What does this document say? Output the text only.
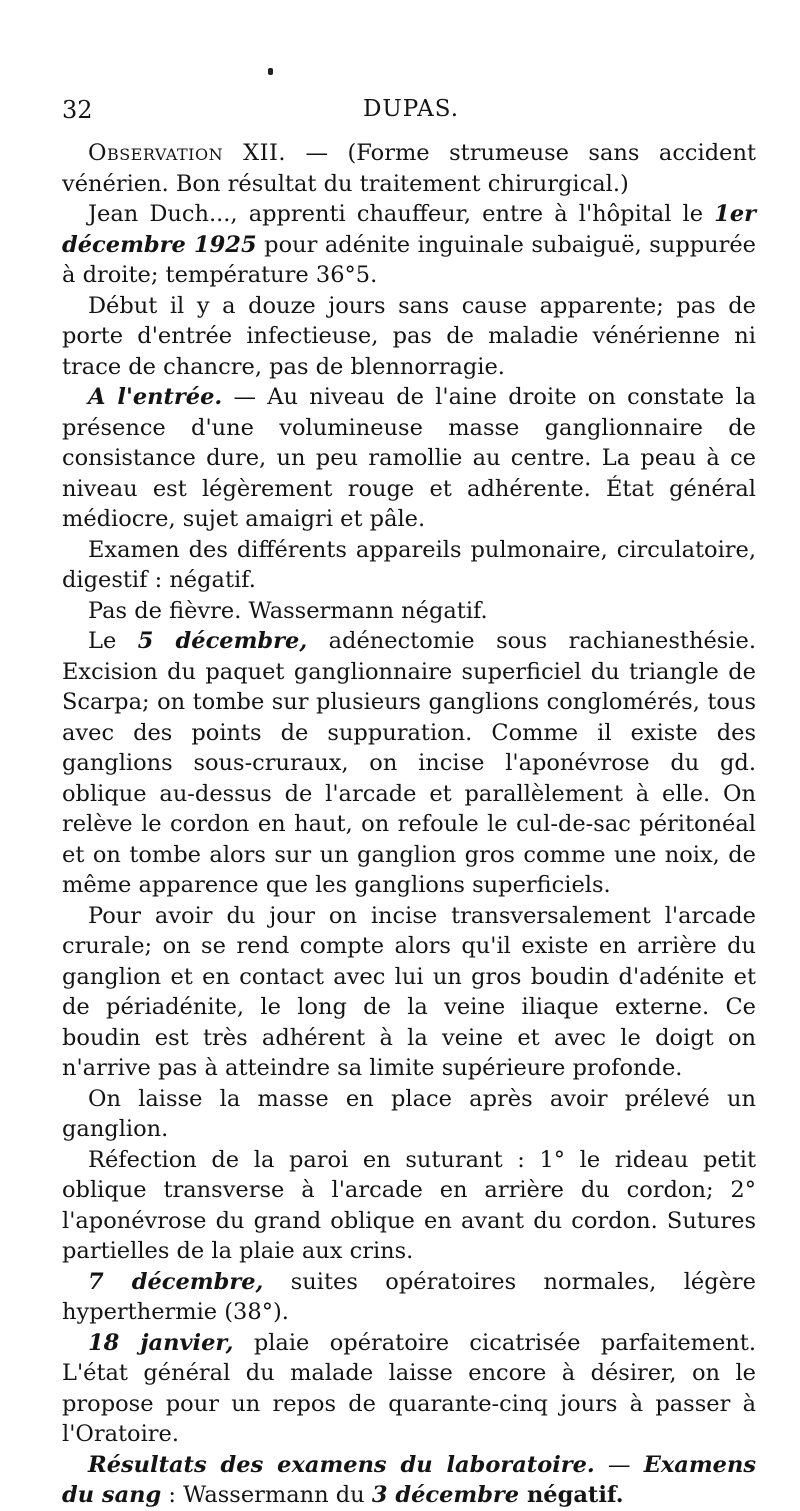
32	DUPAS.

Observation XII. — (Forme strumeuse sans accident vénérien. Bon résultat du traitement chirurgical.)

Jean Duch..., apprenti chauffeur, entre à l'hôpital le 1er décembre 1925 pour adénite inguinale subaiguë, suppurée à droite; température 36°5.

Début il y a douze jours sans cause apparente; pas de porte d'entrée infectieuse, pas de maladie vénérienne ni trace de chancre, pas de blennorragie.

A l'entrée. — Au niveau de l'aine droite on constate la présence d'une volumineuse masse ganglionnaire de consistance dure, un peu ramollie au centre. La peau à ce niveau est légèrement rouge et adhérente. État général médiocre, sujet amaigri et pâle.

Examen des différents appareils pulmonaire, circulatoire, digestif : négatif.

Pas de fièvre. Wassermann négatif.

Le 5 décembre, adénectomie sous rachianesthésie. Excision du paquet ganglionnaire superficiel du triangle de Scarpa; on tombe sur plusieurs ganglions conglomérés, tous avec des points de suppuration. Comme il existe des ganglions sous-cruraux, on incise l'aponévrose du gd. oblique au-dessus de l'arcade et parallèlement à elle. On relève le cordon en haut, on refoule le cul-de-sac péritonéal et on tombe alors sur un ganglion gros comme une noix, de même apparence que les ganglions superficiels.

Pour avoir du jour on incise transversalement l'arcade crurale; on se rend compte alors qu'il existe en arrière du ganglion et en contact avec lui un gros boudin d'adénite et de périadénite, le long de la veine iliaque externe. Ce boudin est très adhérent à la veine et avec le doigt on n'arrive pas à atteindre sa limite supérieure profonde.

On laisse la masse en place après avoir prélevé un ganglion.

Réfection de la paroi en suturant : 1° le rideau petit oblique transverse à l'arcade en arrière du cordon; 2° l'aponévrose du grand oblique en avant du cordon. Sutures partielles de la plaie aux crins.

7 décembre, suites opératoires normales, légère hyperthermie (38°).

18 janvier, plaie opératoire cicatrisée parfaitement. L'état général du malade laisse encore à désirer, on le propose pour un repos de quarante-cinq jours à passer à l'Oratoire.

Résultats des examens du laboratoire. — Examens du sang : Wassermann du 3 décembre négatif.
